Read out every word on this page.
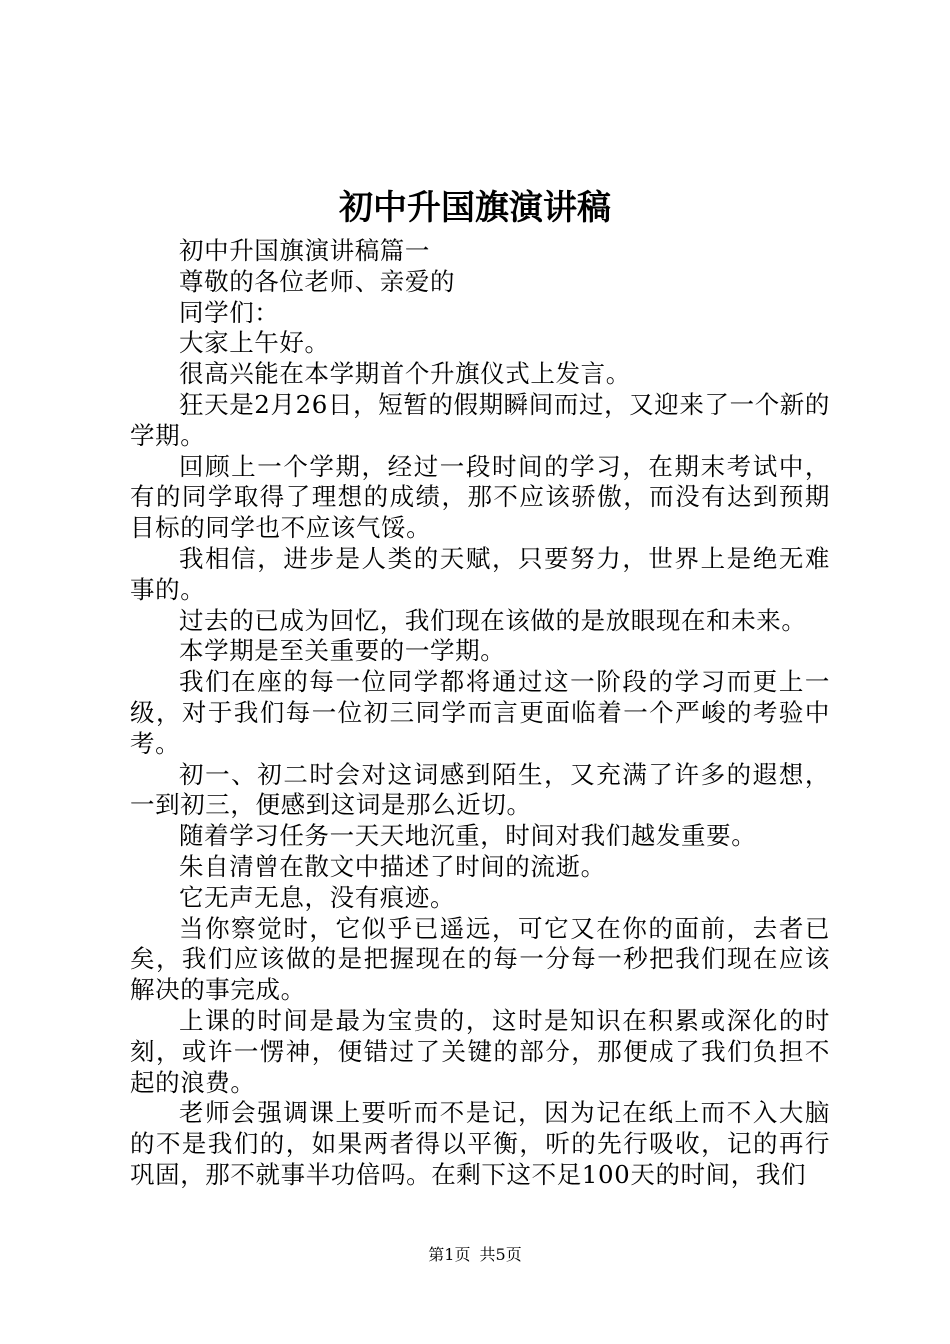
初中升国旗演讲稿

初中升国旗演讲稿篇一

尊敬的各位老师、亲爱的

同学们：

大家上午好。

很高兴能在本学期首个升旗仪式上发言。

狂天是2月26日，短暂的假期瞬间而过，又迎来了一个新的学期。

回顾上一个学期，经过一段时间的学习，在期末考试中，有的同学取得了理想的成绩，那不应该骄傲，而没有达到预期目标的同学也不应该气馁。

我相信，进步是人类的天赋，只要努力，世界上是绝无难事的。

过去的已成为回忆，我们现在该做的是放眼现在和未来。

本学期是至关重要的一学期。

我们在座的每一位同学都将通过这一阶段的学习而更上一级，对于我们每一位初三同学而言更面临着一个严峻的考验中考。

初一、初二时会对这词感到陌生，又充满了许多的遐想，一到初三，便感到这词是那么近切。

随着学习任务一天天地沉重，时间对我们越发重要。

朱自清曾在散文中描述了时间的流逝。

它无声无息，没有痕迹。

当你察觉时，它似乎已遥远，可它又在你的面前，去者已矣，我们应该做的是把握现在的每一分每一秒把我们现在应该解决的事完成。

上课的时间是最为宝贵的，这时是知识在积累或深化的时刻，或许一愣神，便错过了关键的部分，那便成了我们负担不起的浪费。

老师会强调课上要听而不是记，因为记在纸上而不入大脑的不是我们的，如果两者得以平衡，听的先行吸收，记的再行巩固，那不就事半功倍吗。在剩下这不足100天的时间，我们

第1页 共5页
